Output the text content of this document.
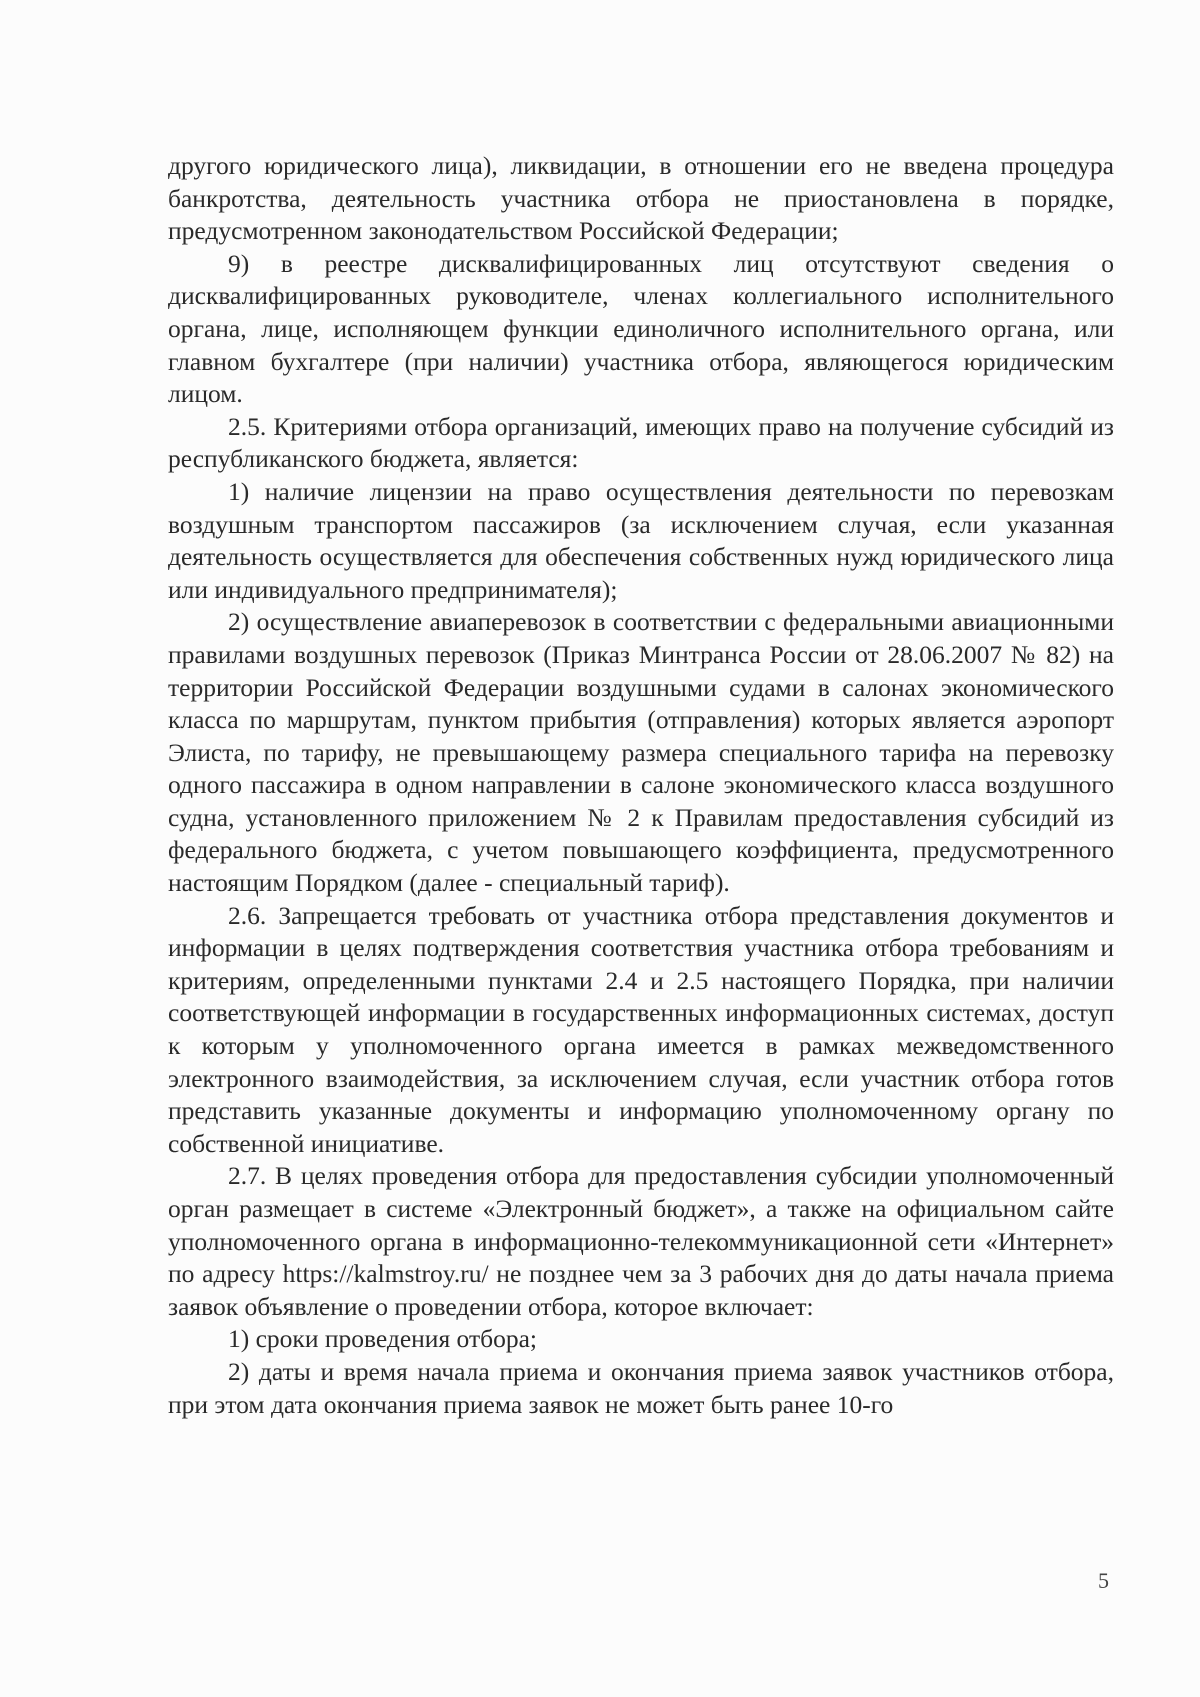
другого юридического лица), ликвидации, в отношении его не введена процедура банкротства, деятельность участника отбора не приостановлена в порядке, предусмотренном законодательством Российской Федерации;

9) в реестре дисквалифицированных лиц отсутствуют сведения о дисквалифицированных руководителе, членах коллегиального исполнительного органа, лице, исполняющем функции единоличного исполнительного органа, или главном бухгалтере (при наличии) участника отбора, являющегося юридическим лицом.

2.5. Критериями отбора организаций, имеющих право на получение субсидий из республиканского бюджета, является:

1) наличие лицензии на право осуществления деятельности по перевозкам воздушным транспортом пассажиров (за исключением случая, если указанная деятельность осуществляется для обеспечения собственных нужд юридического лица или индивидуального предпринимателя);

2) осуществление авиаперевозок в соответствии с федеральными авиационными правилами воздушных перевозок (Приказ Минтранса России от 28.06.2007 № 82) на территории Российской Федерации воздушными судами в салонах экономического класса по маршрутам, пунктом прибытия (отправления) которых является аэропорт Элиста, по тарифу, не превышающему размера специального тарифа на перевозку одного пассажира в одном направлении в салоне экономического класса воздушного судна, установленного приложением № 2 к Правилам предоставления субсидий из федерального бюджета, с учетом повышающего коэффициента, предусмотренного настоящим Порядком (далее - специальный тариф).

2.6. Запрещается требовать от участника отбора представления документов и информации в целях подтверждения соответствия участника отбора требованиям и критериям, определенными пунктами 2.4 и 2.5 настоящего Порядка, при наличии соответствующей информации в государственных информационных системах, доступ к которым у уполномоченного органа имеется в рамках межведомственного электронного взаимодействия, за исключением случая, если участник отбора готов представить указанные документы и информацию уполномоченному органу по собственной инициативе.

2.7. В целях проведения отбора для предоставления субсидии уполномоченный орган размещает в системе «Электронный бюджет», а также на официальном сайте уполномоченного органа в информационно-телекоммуникационной сети «Интернет» по адресу https://kalmstroy.ru/ не позднее чем за 3 рабочих дня до даты начала приема заявок объявление о проведении отбора, которое включает:

1) сроки проведения отбора;

2) даты и время начала приема и окончания приема заявок участников отбора, при этом дата окончания приема заявок не может быть ранее 10-го

5
